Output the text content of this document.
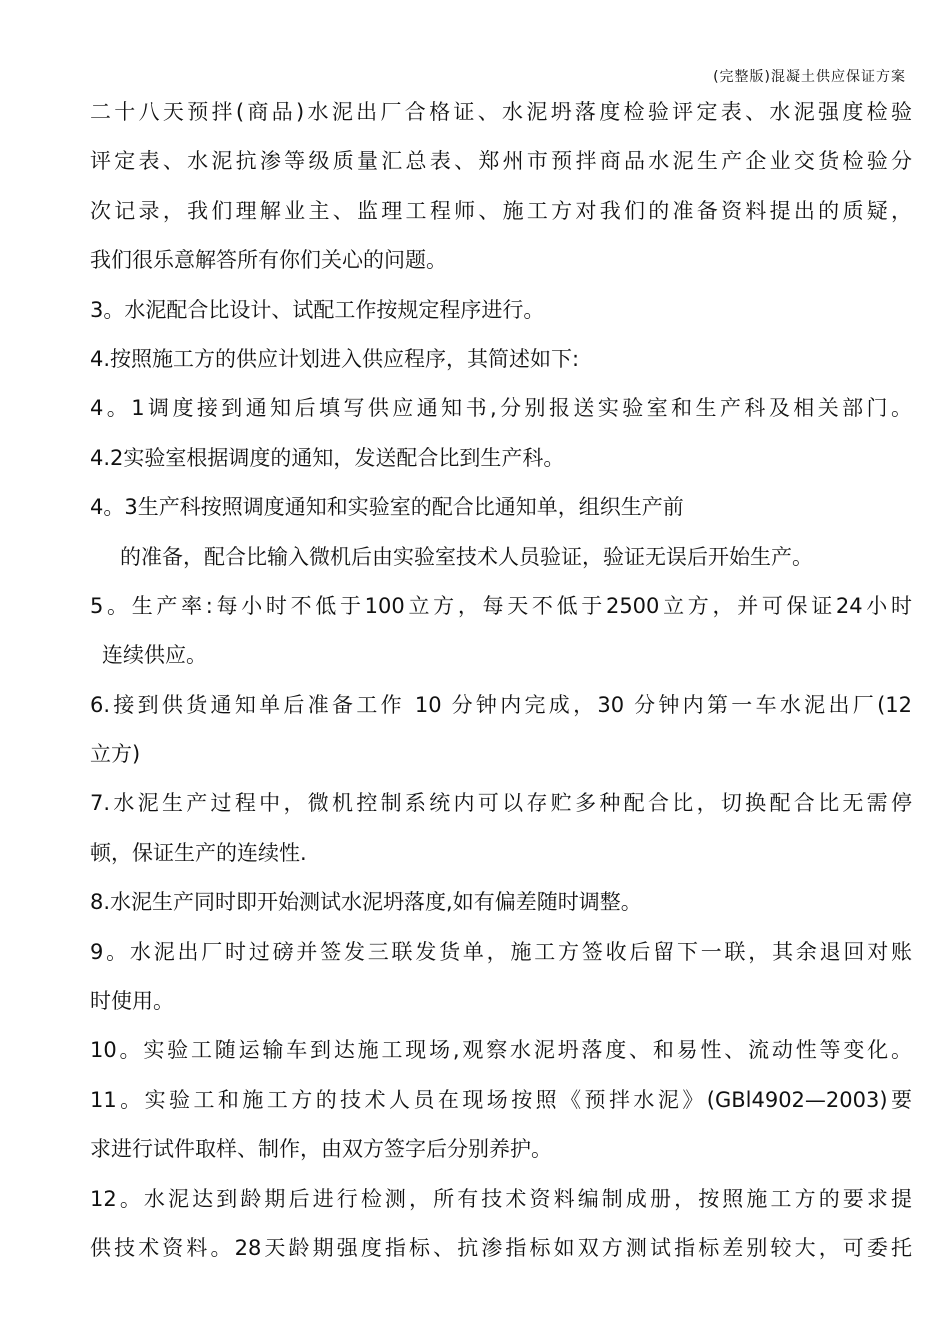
(完整版)混凝土供应保证方案
二十八天预拌(商品)水泥出厂合格证、水泥坍落度检验评定表、水泥强度检验
评定表、水泥抗渗等级质量汇总表、郑州市预拌商品水泥生产企业交货检验分
次记录，我们理解业主、监理工程师、施工方对我们的准备资料提出的质疑，
我们很乐意解答所有你们关心的问题。
3。水泥配合比设计、试配工作按规定程序进行。
4.按照施工方的供应计划进入供应程序，其简述如下:
4。1调度接到通知后填写供应通知书,分别报送实验室和生产科及相关部门。
4.2实验室根据调度的通知，发送配合比到生产科。
4。3生产科按照调度通知和实验室的配合比通知单，组织生产前
的准备，配合比输入微机后由实验室技术人员验证，验证无误后开始生产。
5。生产率:每小时不低于100立方，每天不低于2500立方，并可保证24小时
连续供应。
6.接到供货通知单后准备工作 10 分钟内完成，30 分钟内第一车水泥出厂(12
立方)
7.水泥生产过程中，微机控制系统内可以存贮多种配合比，切换配合比无需停
顿，保证生产的连续性.
8.水泥生产同时即开始测试水泥坍落度,如有偏差随时调整。
9。水泥出厂时过磅并签发三联发货单，施工方签收后留下一联，其余退回对账
时使用。
10。实验工随运输车到达施工现场,观察水泥坍落度、和易性、流动性等变化。
11。实验工和施工方的技术人员在现场按照《预拌水泥》(GBl4902—2003)要
求进行试件取样、制作，由双方签字后分别养护。
12。水泥达到龄期后进行检测，所有技术资料编制成册，按照施工方的要求提
供技术资料。28天龄期强度指标、抗渗指标如双方测试指标差别较大，可委托
